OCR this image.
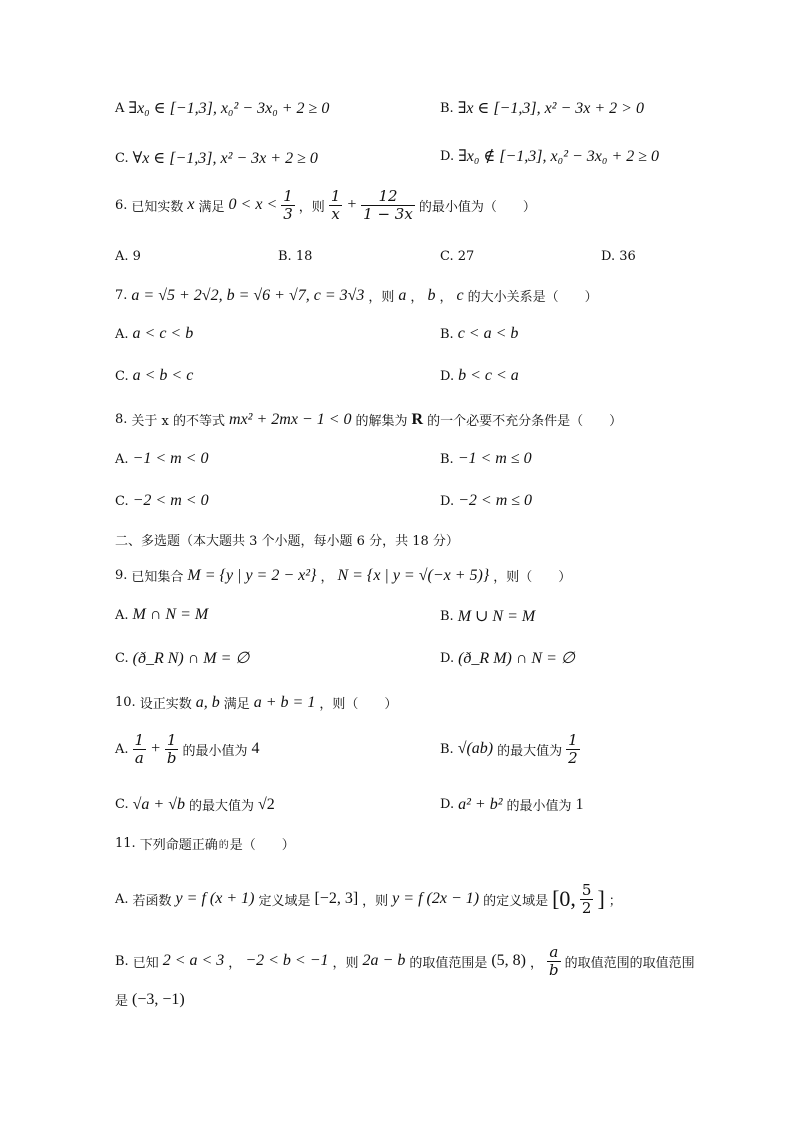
A ∃x₀ ∈ [−1,3], x₀² − 3x₀ + 2 ≥ 0	B. ∃x ∈ [−1,3], x² − 3x + 2 > 0
C. ∀x ∈ [−1,3], x² − 3x + 2 ≥ 0	D. ∃x₀ ∉ [−1,3], x₀² − 3x₀ + 2 ≥ 0
6. 已知实数 x 满足 $0 < x < \frac{1}{3}$ ，则 $\frac{1}{x} + \frac{12}{1 - 3x}$ 的最小值为（　　）
A. 9	B. 18	C. 27	D. 36
7. a = √5 + 2√2, b = √6 + √7, c = 3√3 ，则 a ， b ， c 的大小关系是（　　）
A. a < c < b	B. c < a < b
C. a < b < c	D. b < c < a
8. 关于 x 的不等式 mx² + 2mx − 1 < 0 的解集为 R 的一个必要不充分条件是（　　）
A. −1 < m < 0	B. −1 < m ≤ 0
C. −2 < m < 0	D. −2 < m ≤ 0
二、多选题（本大题共 3 个小题，每小题 6 分，共 18 分）
9. 已知集合 M = {y | y = 2 − x²} ， N = {x | y = √(−x + 5)} ，则（　　）
A. M ∩ N = M	B. M ∪ N = M
C. (ð_R N) ∩ M = ∅	D. (ð_R M) ∩ N = ∅
10. 设正实数 a, b 满足 a + b = 1 ，则（　　）
A. $\frac{1}{a} + \frac{1}{b}$ 的最小值为 4	B. √(ab) 的最大值为 $\frac{1}{2}$
C. √a + √b 的最大值为 √2	D. a² + b² 的最小值为 1
11. 下列命题正确 的 是（　　）
A. 若函数 y = f (x + 1) 定义域是 [−2, 3] ，则 y = f (2x − 1) 的定义域是 [0, $\frac{5}{2}$ ] ；
B. 已知 2 < a < 3 ， −2 < b < −1 ，则 2a − b 的取值范围是 (5, 8) ， $\frac{a}{b}$ 的取值范围的取值范围
是 (−3, −1)
